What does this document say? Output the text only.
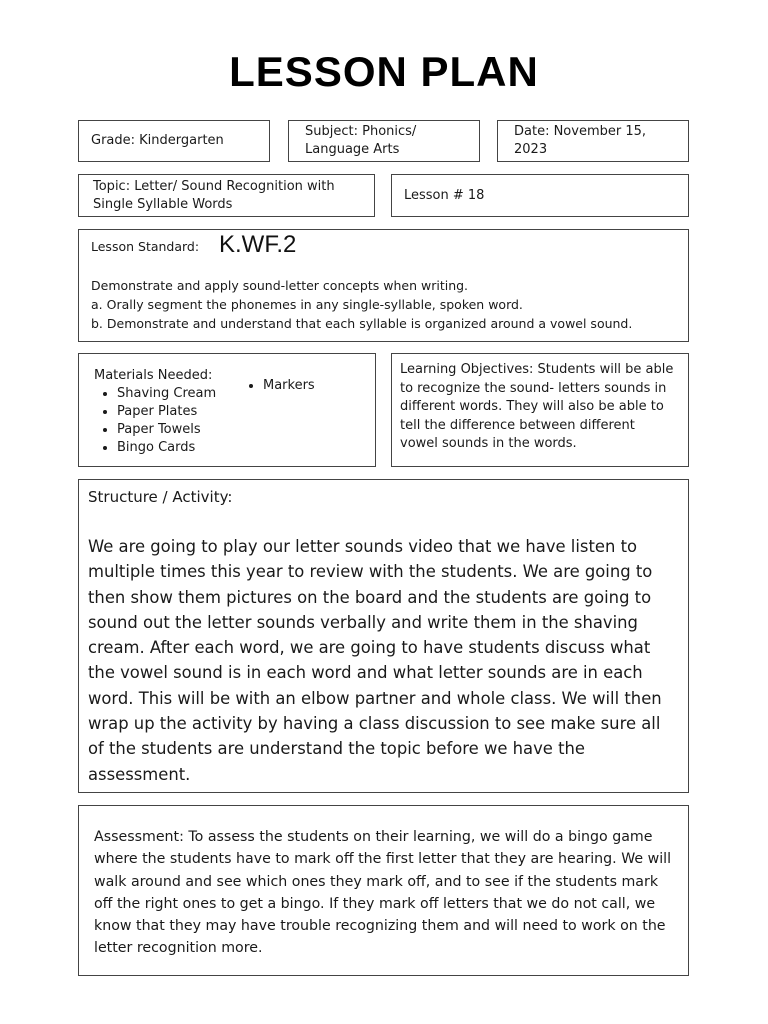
LESSON PLAN
Grade: Kindergarten
Subject: Phonics/ Language Arts
Date: November 15, 2023
Topic: Letter/ Sound Recognition with Single Syllable Words
Lesson # 18
Lesson Standard: K.WF.2
Demonstrate and apply sound-letter concepts when writing.
a. Orally segment the phonemes in any single-syllable, spoken word.
b. Demonstrate and understand that each syllable is organized around a vowel sound.
Materials Needed:
• Shaving Cream
• Paper Plates
• Paper Towels
• Bingo Cards
• Markers
Learning Objectives: Students will be able to recognize the sound- letters sounds in different words. They will also be able to tell the difference between different vowel sounds in the words.
Structure / Activity:
We are going to play our letter sounds video that we have listen to multiple times this year to review with the students. We are going to then show them pictures on the board and the students are going to sound out the letter sounds verbally and write them in the shaving cream. After each word, we are going to have students discuss what the vowel sound is in each word and what letter sounds are in each word. This will be with an elbow partner and whole class. We will then wrap up the activity by having a class discussion to see make sure all of the students are understand the topic before we have the assessment.
Assessment: To assess the students on their learning, we will do a bingo game where the students have to mark off the first letter that they are hearing. We will walk around and see which ones they mark off, and to see if the students mark off the right ones to get a bingo. If they mark off letters that we do not call, we know that they may have trouble recognizing them and will need to work on the letter recognition more.
